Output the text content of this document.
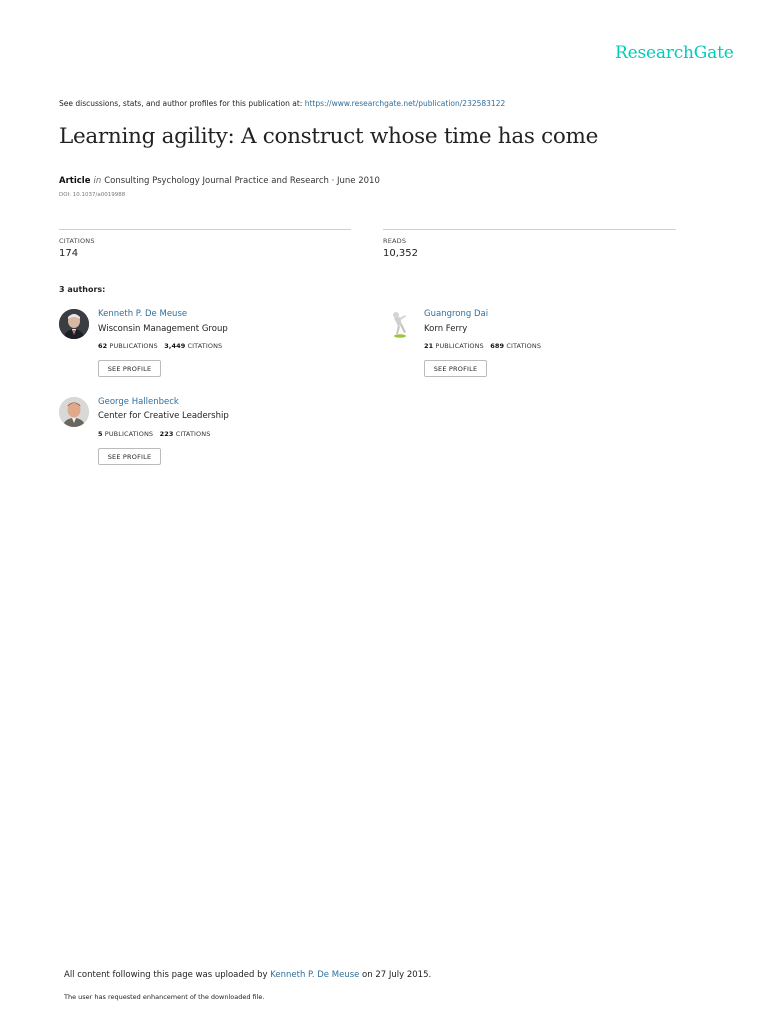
ResearchGate
See discussions, stats, and author profiles for this publication at: https://www.researchgate.net/publication/232583122
Learning agility: A construct whose time has come
Article in Consulting Psychology Journal Practice and Research · June 2010
DOI: 10.1037/a0019988
CITATIONS
174
READS
10,352
3 authors:
Kenneth P. De Meuse
Wisconsin Management Group
62 PUBLICATIONS 3,449 CITATIONS
SEE PROFILE
Guangrong Dai
Korn Ferry
21 PUBLICATIONS 689 CITATIONS
SEE PROFILE
George Hallenbeck
Center for Creative Leadership
5 PUBLICATIONS 223 CITATIONS
SEE PROFILE
All content following this page was uploaded by Kenneth P. De Meuse on 27 July 2015.
The user has requested enhancement of the downloaded file.
